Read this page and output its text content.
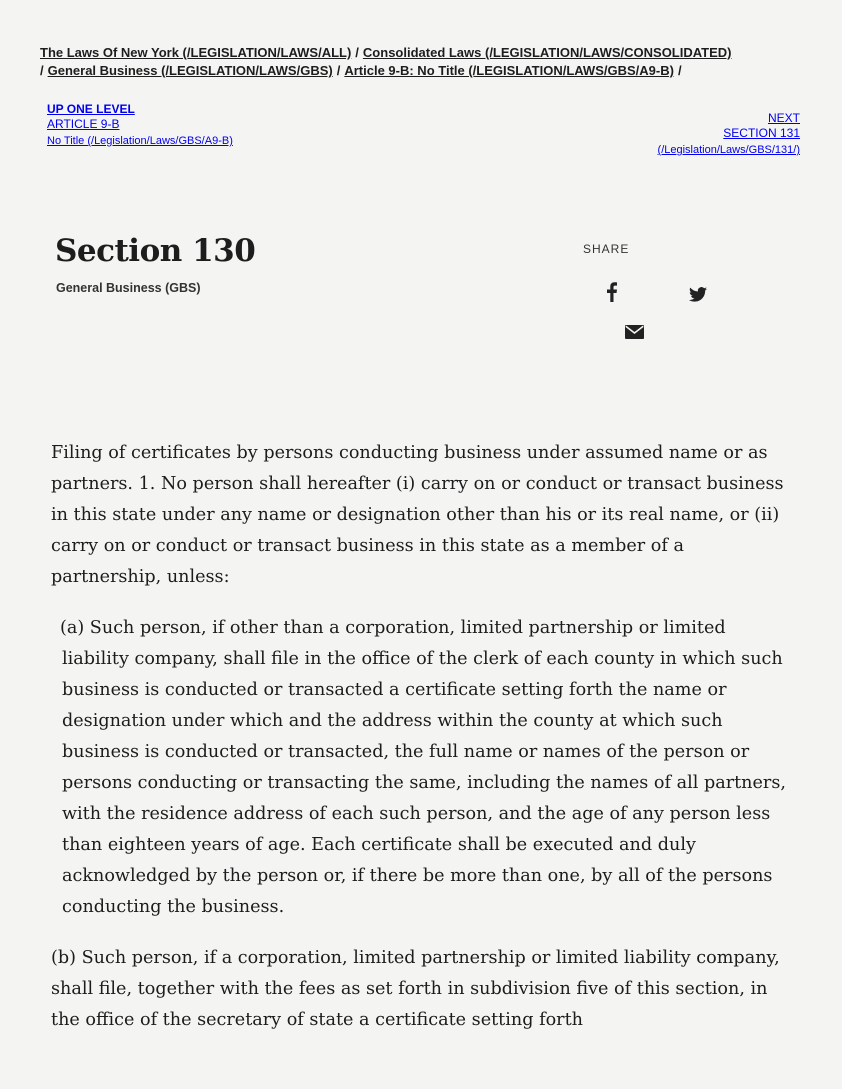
The Laws Of New York (/LEGISLATION/LAWS/ALL) / Consolidated Laws (/LEGISLATION/LAWS/CONSOLIDATED)
/ General Business (/LEGISLATION/LAWS/GBS) / Article 9-B: No Title (/LEGISLATION/LAWS/GBS/A9-B) /
UP ONE LEVEL
ARTICLE 9-B
No Title (/Legislation/Laws/GBS/A9-B)
NEXT
SECTION 131
(/Legislation/Laws/GBS/131/)
Section 130
General Business (GBS)
SHARE

Filing of certificates by persons conducting business under assumed name or as partners. 1. No person shall hereafter (i) carry on or conduct or transact business in this state under any name or designation other than his or its real name, or (ii) carry on or conduct or transact business in this state as a member of a partnership, unless:

(a) Such person, if other than a corporation, limited partnership or limited liability company, shall file in the office of the clerk of each county in which such business is conducted or transacted a certificate setting forth the name or designation under which and the address within the county at which such business is conducted or transacted, the full name or names of the person or persons conducting or transacting the same, including the names of all partners, with the residence address of each such person, and the age of any person less than eighteen years of age. Each certificate shall be executed and duly acknowledged by the person or, if there be more than one, by all of the persons conducting the business.

(b) Such person, if a corporation, limited partnership or limited liability company, shall file, together with the fees as set forth in subdivision five of this section, in the office of the secretary of state a certificate setting forth
